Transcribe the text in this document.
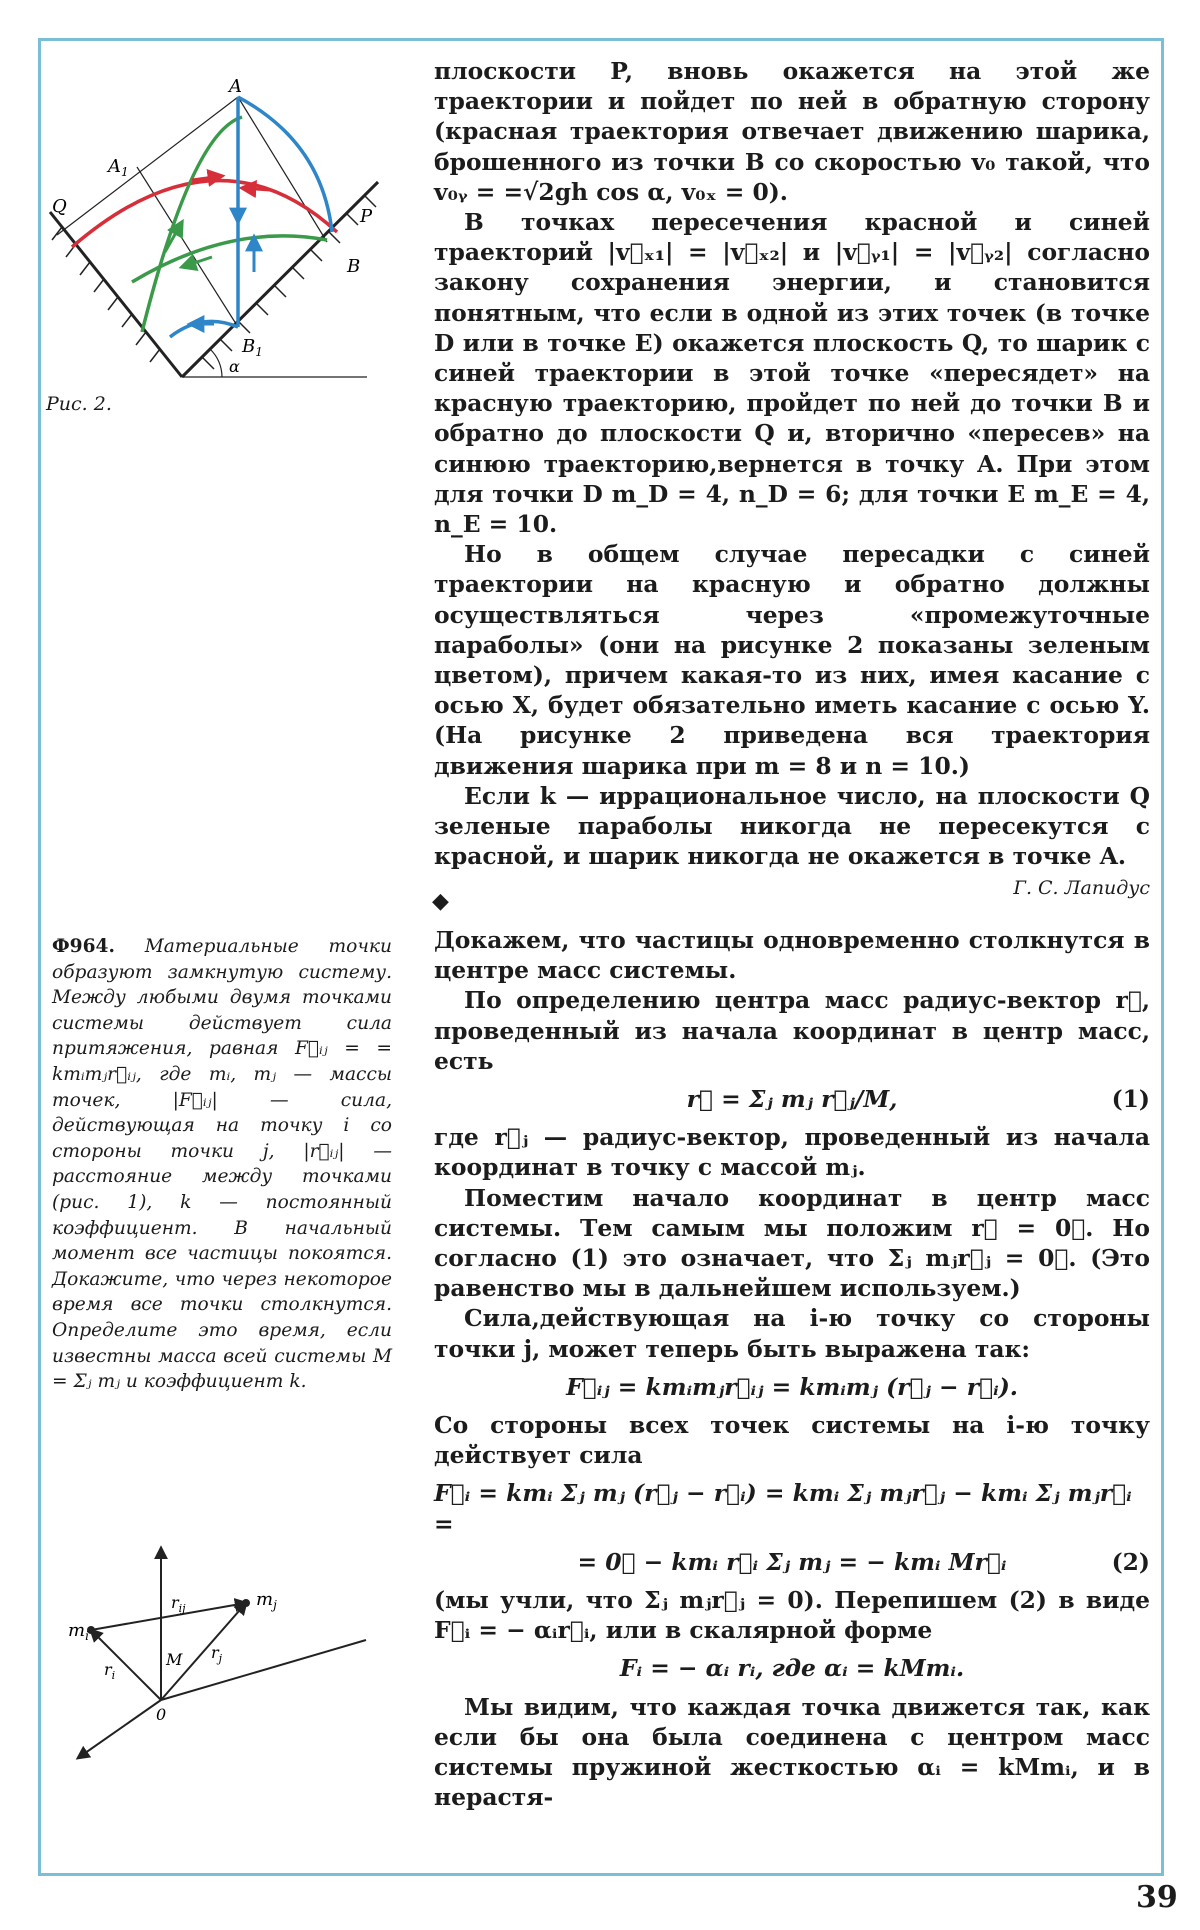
A
$A_1$
Q	P
B
$B_1$
α
Рис. 2.
Ф964. Материальные точки образуют замкнутую систему. Между любыми двумя точками системы действует сила притяжения, равная F⃗ᵢⱼ = = kmᵢmⱼr⃗ᵢⱼ, где mᵢ, mⱼ — массы точек, |F⃗ᵢⱼ| — сила, действующая на точку i со стороны точки j, |r⃗ᵢⱼ| — расстояние между точками (рис. 1), k — постоянный коэффициент. В начальный момент все частицы покоятся. Докажите, что через некоторое время все точки столкнутся. Определите это время, если известны масса всей системы M = Σⱼ mⱼ и коэффициент k.
$m_i$
$m_j$
$r_{ij}$
$r_i$
$r_j$
M
0

плоскости P, вновь окажется на этой же траектории и пойдет по ней в обратную сторону (красная траектория отвечает движению шарика, брошенного из точки B со скоростью v₀ такой, что v₀ᵧ = =√2gh cos α, v₀ₓ = 0).

В точках пересечения красной и синей траекторий |v⃗ₓ₁| = |v⃗ₓ₂| и |v⃗ᵧ₁| = |v⃗ᵧ₂| согласно закону сохранения энергии, и становится понятным, что если в одной из этих точек (в точке D или в точке E) окажется плоскость Q, то шарик с синей траектории в этой точке «пересядет» на красную траекторию, пройдет по ней до точки B и обратно до плоскости Q и, вторично «пересев» на синюю траекторию,вернется в точку A. При этом для точки D m_D = 4, n_D = 6; для точки E m_E = 4, n_E = 10.

Но в общем случае пересадки с синей траектории на красную и обратно должны осуществляться через «промежуточные параболы» (они на рисунке 2 показаны зеленым цветом), причем какая-то из них, имея касание с осью X, будет обязательно иметь касание с осью Y. (На рисунке 2 приведена вся траектория движения шарика при m = 8 и n = 10.)

Если k — иррациональное число, на плоскости Q зеленые параболы никогда не пересекутся с красной, и шарик никогда не окажется в точке A.

Г. С. Лапидус

◆

Докажем, что частицы одновременно столкнутся в центре масс системы.

По определению центра масс радиус-вектор r⃗, проведенный из начала координат в центр масс, есть

r⃗ = Σⱼ mⱼ r⃗ⱼ/M,	(1)

где r⃗ⱼ — радиус-вектор, проведенный из начала координат в точку с массой mⱼ.

Поместим начало координат в центр масс системы. Тем самым мы положим r⃗ = 0⃗. Но согласно (1) это означает, что Σⱼ mⱼr⃗ⱼ = 0⃗. (Это равенство мы в дальнейшем используем.)

Сила,действующая на i-ю точку со стороны точки j, может теперь быть выражена так:

F⃗ᵢⱼ = kmᵢmⱼr⃗ᵢⱼ = kmᵢmⱼ (r⃗ⱼ − r⃗ᵢ).

Со стороны всех точек системы на i-ю точку действует сила

F⃗ᵢ = kmᵢ Σⱼ mⱼ (r⃗ⱼ − r⃗ᵢ) = kmᵢ Σⱼ mⱼr⃗ⱼ − kmᵢ Σⱼ mⱼr⃗ᵢ =

= 0⃗ − kmᵢ r⃗ᵢ Σⱼ mⱼ = − kmᵢ Mr⃗ᵢ	(2)

(мы учли, что Σⱼ mⱼr⃗ⱼ = 0). Перепишем (2) в виде F⃗ᵢ = − αᵢr⃗ᵢ, или в скалярной форме

Fᵢ = − αᵢ rᵢ, где αᵢ = kMmᵢ.

Мы видим, что каждая точка движется так, как если бы она была соединена с центром масс системы пружиной жесткостью αᵢ = kMmᵢ, и в нерастя-

39
